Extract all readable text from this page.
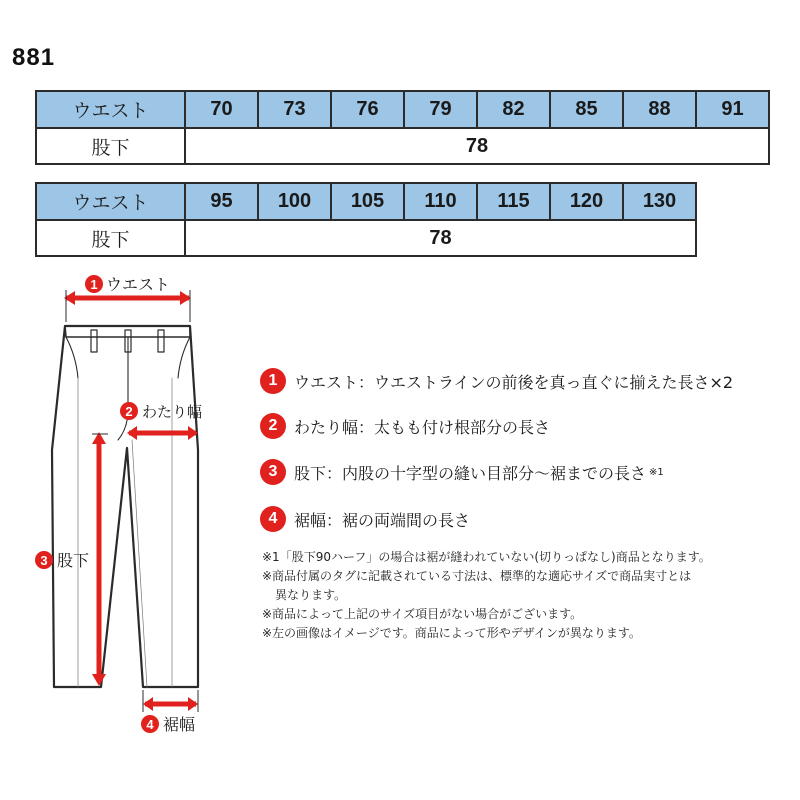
881
ウエスト	70	73	76	79	82	85	88	91
股下	78							
ウエスト	95	100	105	110	115	120	130
股下	78						
1 ウエスト
2 わたり幅
3 股下
4 裾幅
1	ウエスト：ウエストラインの前後を真っ直ぐに揃えた長さ×2
2	わたり幅：太もも付け根部分の長さ
3	股下：内股の十字型の縫い目部分～裾までの長さ ※1
4	裾幅：裾の両端間の長さ
※1「股下90ハーフ」の場合は裾が縫われていない(切りっぱなし)商品となります。
※商品付属のタグに記載されている寸法は、標準的な適応サイズで商品実寸とは
異なります。
※商品によって上記のサイズ項目がない場合がございます。
※左の画像はイメージです。商品によって形やデザインが異なります。
